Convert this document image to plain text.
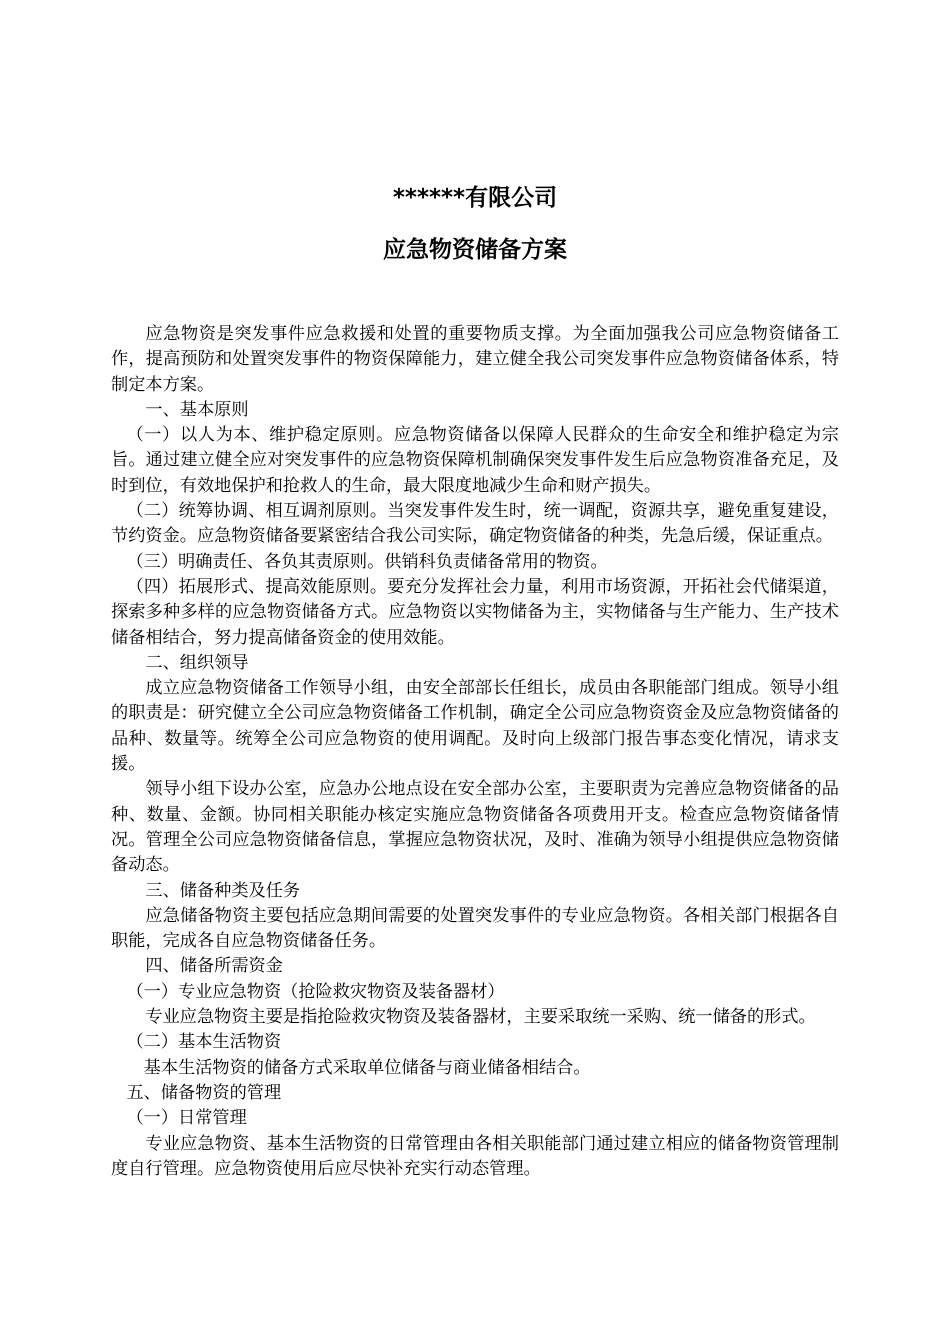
******有限公司
应急物资储备方案

应急物资是突发事件应急救援和处置的重要物质支撑。为全面加强我公司应急物资储备工作，提高预防和处置突发事件的物资保障能力，建立健全我公司突发事件应急物资储备体系，特制定本方案。

一、基本原则

（一）以人为本、维护稳定原则。应急物资储备以保障人民群众的生命安全和维护稳定为宗旨。通过建立健全应对突发事件的应急物资保障机制确保突发事件发生后应急物资准备充足，及时到位，有效地保护和抢救人的生命，最大限度地减少生命和财产损失。

（二）统筹协调、相互调剂原则。当突发事件发生时，统一调配，资源共享，避免重复建设，节约资金。应急物资储备要紧密结合我公司实际，确定物资储备的种类，先急后缓，保证重点。

（三）明确责任、各负其责原则。供销科负责储备常用的物资。

（四）拓展形式、提高效能原则。要充分发挥社会力量，利用市场资源，开拓社会代储渠道，探索多种多样的应急物资储备方式。应急物资以实物储备为主，实物储备与生产能力、生产技术储备相结合，努力提高储备资金的使用效能。

二、组织领导

成立应急物资储备工作领导小组，由安全部部长任组长，成员由各职能部门组成。领导小组的职责是：研究健立全公司应急物资储备工作机制，确定全公司应急物资资金及应急物资储备的品种、数量等。统筹全公司应急物资的使用调配。及时向上级部门报告事态变化情况，请求支援。

领导小组下设办公室，应急办公地点设在安全部办公室，主要职责为完善应急物资储备的品种、数量、金额。协同相关职能办核定实施应急物资储备各项费用开支。检查应急物资储备情况。管理全公司应急物资储备信息，掌握应急物资状况，及时、准确为领导小组提供应急物资储备动态。

三、储备种类及任务

应急储备物资主要包括应急期间需要的处置突发事件的专业应急物资。各相关部门根据各自职能，完成各自应急物资储备任务。

四、储备所需资金

（一）专业应急物资（抢险救灾物资及装备器材）

专业应急物资主要是指抢险救灾物资及装备器材，主要采取统一采购、统一储备的形式。

（二）基本生活物资

基本生活物资的储备方式采取单位储备与商业储备相结合。

五、储备物资的管理

（一）日常管理

专业应急物资、基本生活物资的日常管理由各相关职能部门通过建立相应的储备物资管理制度自行管理。应急物资使用后应尽快补充实行动态管理。
